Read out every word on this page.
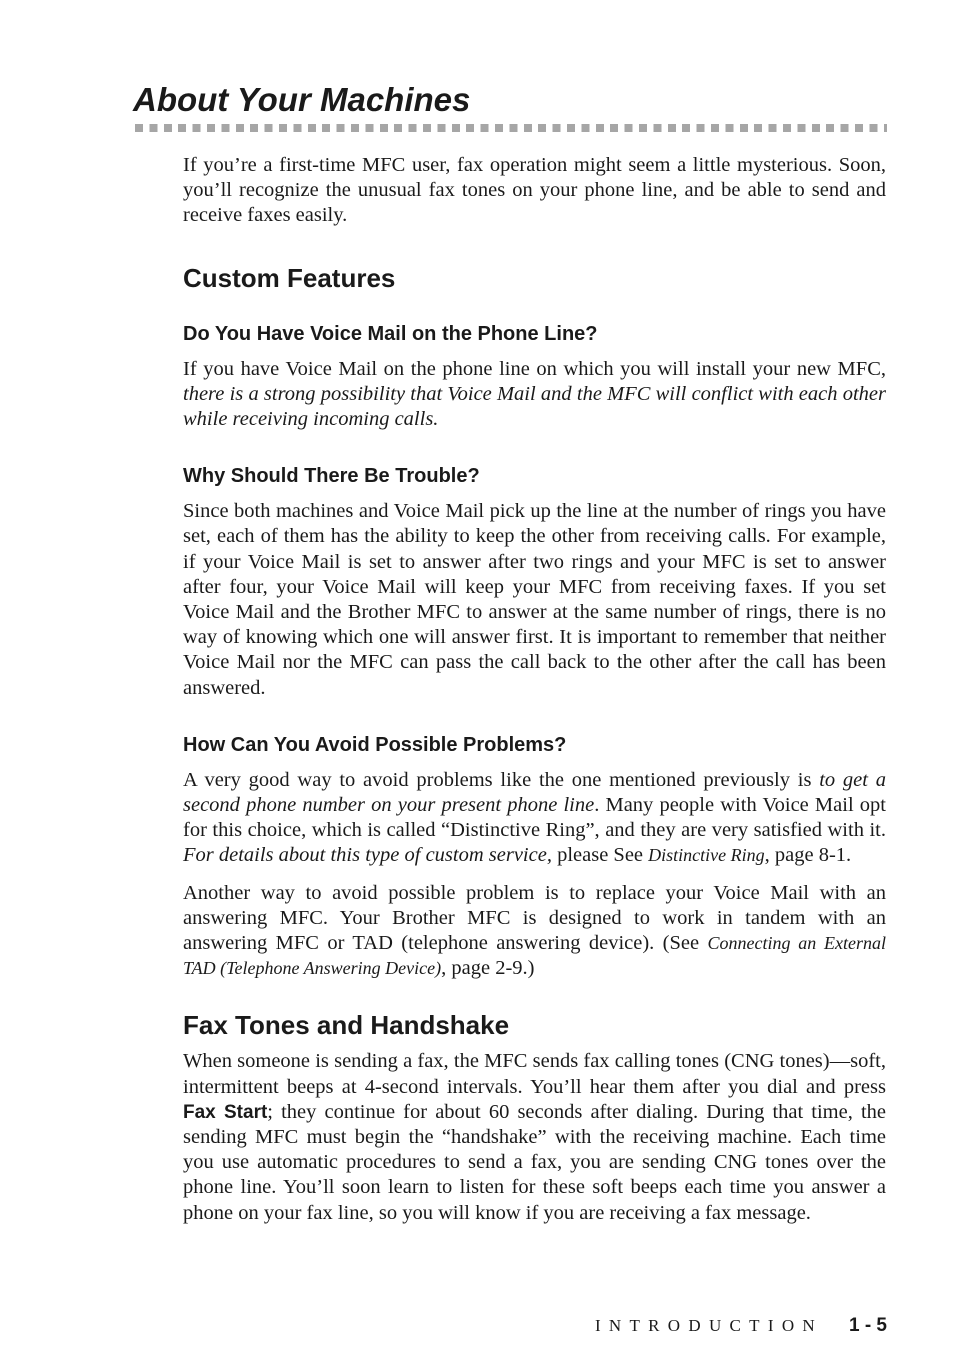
About Your Machines

If you’re a first-time MFC user, fax operation might seem a little mysterious. Soon, you’ll recognize the unusual fax tones on your phone line, and be able to send and receive faxes easily.

Custom Features
Do You Have Voice Mail on the Phone Line?

If you have Voice Mail on the phone line on which you will install your new MFC, there is a strong possibility that Voice Mail and the MFC will conflict with each other while receiving incoming calls.

Why Should There Be Trouble?

Since both machines and Voice Mail pick up the line at the number of rings you have set, each of them has the ability to keep the other from receiving calls. For example, if your Voice Mail is set to answer after two rings and your MFC is set to answer after four, your Voice Mail will keep your MFC from receiving faxes. If you set Voice Mail and the Brother MFC to answer at the same number of rings, there is no way of knowing which one will answer first. It is important to remember that neither Voice Mail nor the MFC can pass the call back to the other after the call has been answered.

How Can You Avoid Possible Problems?

A very good way to avoid problems like the one mentioned previously is to get a second phone number on your present phone line. Many people with Voice Mail opt for this choice, which is called “Distinctive Ring”, and they are very satisfied with it. For details about this type of custom service, please See Distinctive Ring, page 8-1.

Another way to avoid possible problem is to replace your Voice Mail with an answering MFC. Your Brother MFC is designed to work in tandem with an answering MFC or TAD (telephone answering device). (See Connecting an External TAD (Telephone Answering Device), page 2-9.)

Fax Tones and Handshake

When someone is sending a fax, the MFC sends fax calling tones (CNG tones)—soft, intermittent beeps at 4-second intervals. You’ll hear them after you dial and press Fax Start; they continue for about 60 seconds after dialing. During that time, the sending MFC must begin the “handshake” with the receiving machine. Each time you use automatic procedures to send a fax, you are sending CNG tones over the phone line. You’ll soon learn to listen for these soft beeps each time you answer a phone on your fax line, so you will know if you are receiving a fax message.

INTRODUCTION 1 - 5
